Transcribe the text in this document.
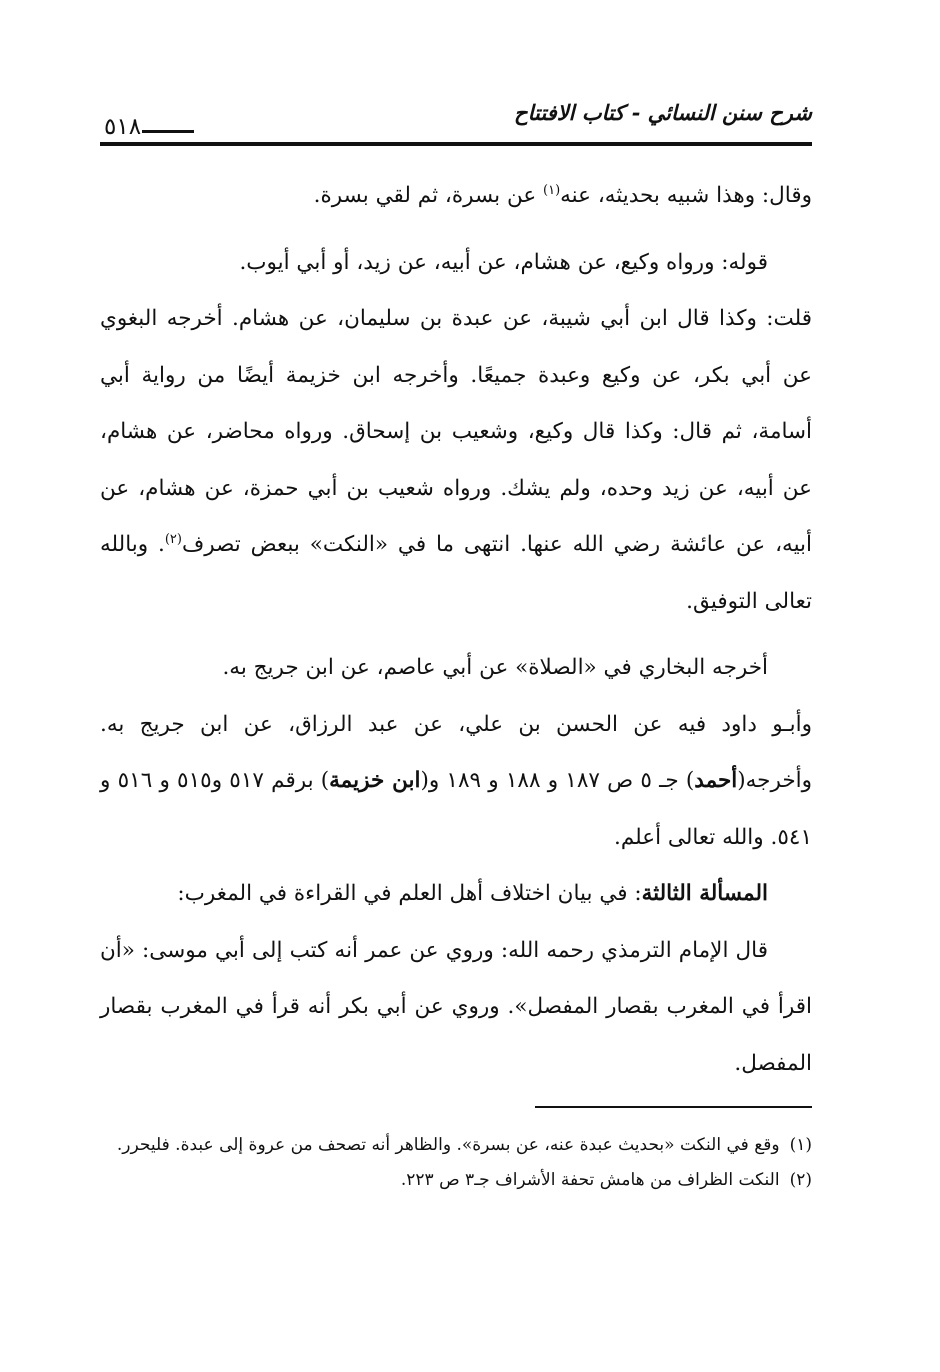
شرح سنن النسائي - كتاب الافتتاح
٥١٨

وقال: وهذا شبيه بحديثه، عنه$^{(١)}$ عن بسرة، ثم لقي بسرة.

قوله: ورواه وكيع، عن هشام، عن أبيه، عن زيد، أو أبي أيوب.

قلت: وكذا قال ابن أبي شيبة، عن عبدة بن سليمان، عن هشام. أخرجه البغوي عن أبي بكر، عن وكيع وعبدة جميعًا. وأخرجه ابن خزيمة أيضًا من رواية أبي أسامة، ثم قال: وكذا قال وكيع، وشعيب بن إسحاق. ورواه محاضر، عن هشام، عن أبيه، عن زيد وحده، ولم يشك. ورواه شعيب بن أبي حمزة، عن هشام، عن أبيه، عن عائشة رضي الله عنها. انتهى ما في «النكت» ببعض تصرف$^{(٢)}$. وبالله تعالى التوفيق.

أخرجه البخاري في «الصلاة» عن أبي عاصم، عن ابن جريج به.

وأبـو داود فيه عن الحسن بن علي، عن عبد الرزاق، عن ابن جريج به. وأخرجه(أحمد) جـ ٥ ص ١٨٧ و ١٨٨ و ١٨٩ و(ابن خزيمة) برقم ٥١٧ و٥١٥ و ٥١٦ و ٥٤١. والله تعالى أعلم.

المسألة الثالثة: في بيان اختلاف أهل العلم في القراءة في المغرب:

قال الإمام الترمذي رحمه الله: وروي عن عمر أنه كتب إلى أبي موسى: «أن اقرأ في المغرب بقصار المفصل». وروي عن أبي بكر أنه قرأ في المغرب بقصار المفصل.

(١)وقع في النكت «بحديث عبدة عنه، عن بسرة». والظاهر أنه تصحف من عروة إلى عبدة. فليحرر.

(٢)النكت الظراف من هامش تحفة الأشراف جـ٣ ص ٢٢٣.
